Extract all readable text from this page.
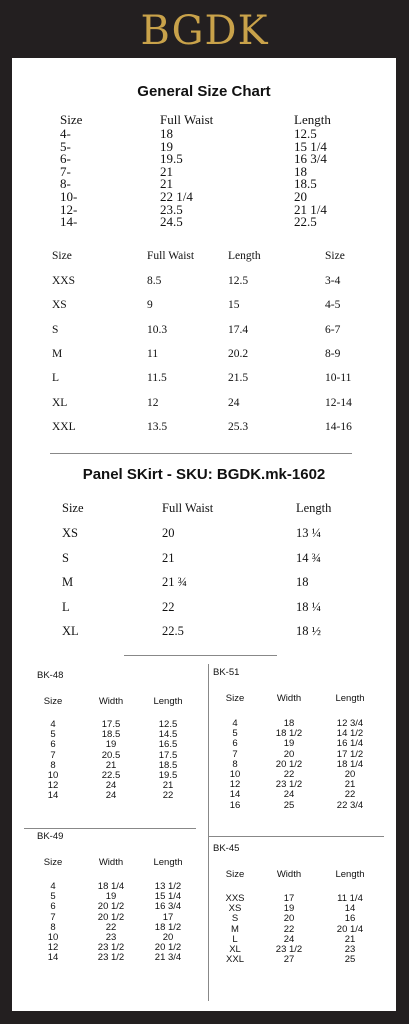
BGDK
General Size Chart
Size	Full Waist	Length
4-	18	12.5
5-	19	15 1/4
6-	19.5	16 3/4
7-	21	18
8-	21	18.5
10-	22 1/4	20
12-	23.5	21 1/4
14-	24.5	22.5
Size	Full Waist	Length	Size
XXS	8.5	12.5	3-4
XS	9	15	4-5
S	10.3	17.4	6-7
M	11	20.2	8-9
L	11.5	21.5	10-11
XL	12	24	12-14
XXL	13.5	25.3	14-16
Panel SKirt - SKU: BGDK.mk-1602
Size	Full Waist	Length
XS	20	13 ¼
S	21	14 ¾
M	21 ¾	18
L	22	18 ¼
XL	22.5	18 ½
BK-48
Size	Width	Length
4	17.5	12.5
5	18.5	14.5
6	19	16.5
7	20.5	17.5
8	21	18.5
10	22.5	19.5
12	24	21
14	24	22
BK-51
Size	Width	Length
4	18	12 3/4
5	18 1/2	14 1/2
6	19	16 1/4
7	20	17 1/2
8	20 1/2	18 1/4
10	22	20
12	23 1/2	21
14	24	22
16	25	22 3/4
BK-49
Size	Width	Length
4	18 1/4	13 1/2
5	19	15 1/4
6	20 1/2	16 3/4
7	20 1/2	17
8	22	18 1/2
10	23	20
12	23 1/2	20 1/2
14	23 1/2	21 3/4
BK-45
Size	Width	Length
XXS	17	11 1/4
XS	19	14
S	20	16
M	22	20 1/4
L	24	21
XL	23 1/2	23
XXL	27	25
